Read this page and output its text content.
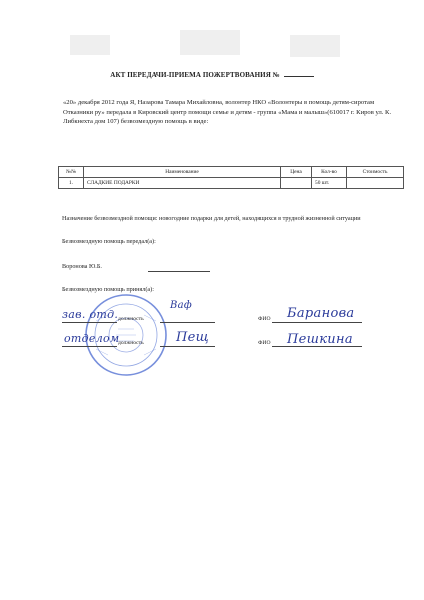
АКТ ПЕРЕДАЧИ-ПРИЕМА ПОЖЕРТВОВАНИЯ №
«20» декабря 2012 года Я, Назарова Тамара Михайловна, волонтер НКО «Волонтеры в помощь детям-сиротам Отказники ру» передала в Кировский центр помощи семье и детям - группа «Мама и малыш»(610017 г. Киров ул. К. Либкнехта дом 107) безвозмездную помощь в виде:
№№	Наименование	Цена	Кол-во	Стоимость
1.	СЛАДКИЕ ПОДАРКИ		50 шт.	
Назначение безвозмездной помощи: новогодние подарки для детей, находящихся в трудной жизненной ситуации
Безвозмездную помощь передал(а):
Воронова Ю.Б.
Безвозмездную помощь принял(а):
зав. отд. должность
Ваф
ФИО Баранова
отделом
должность Пещ	ФИО Пешкина
